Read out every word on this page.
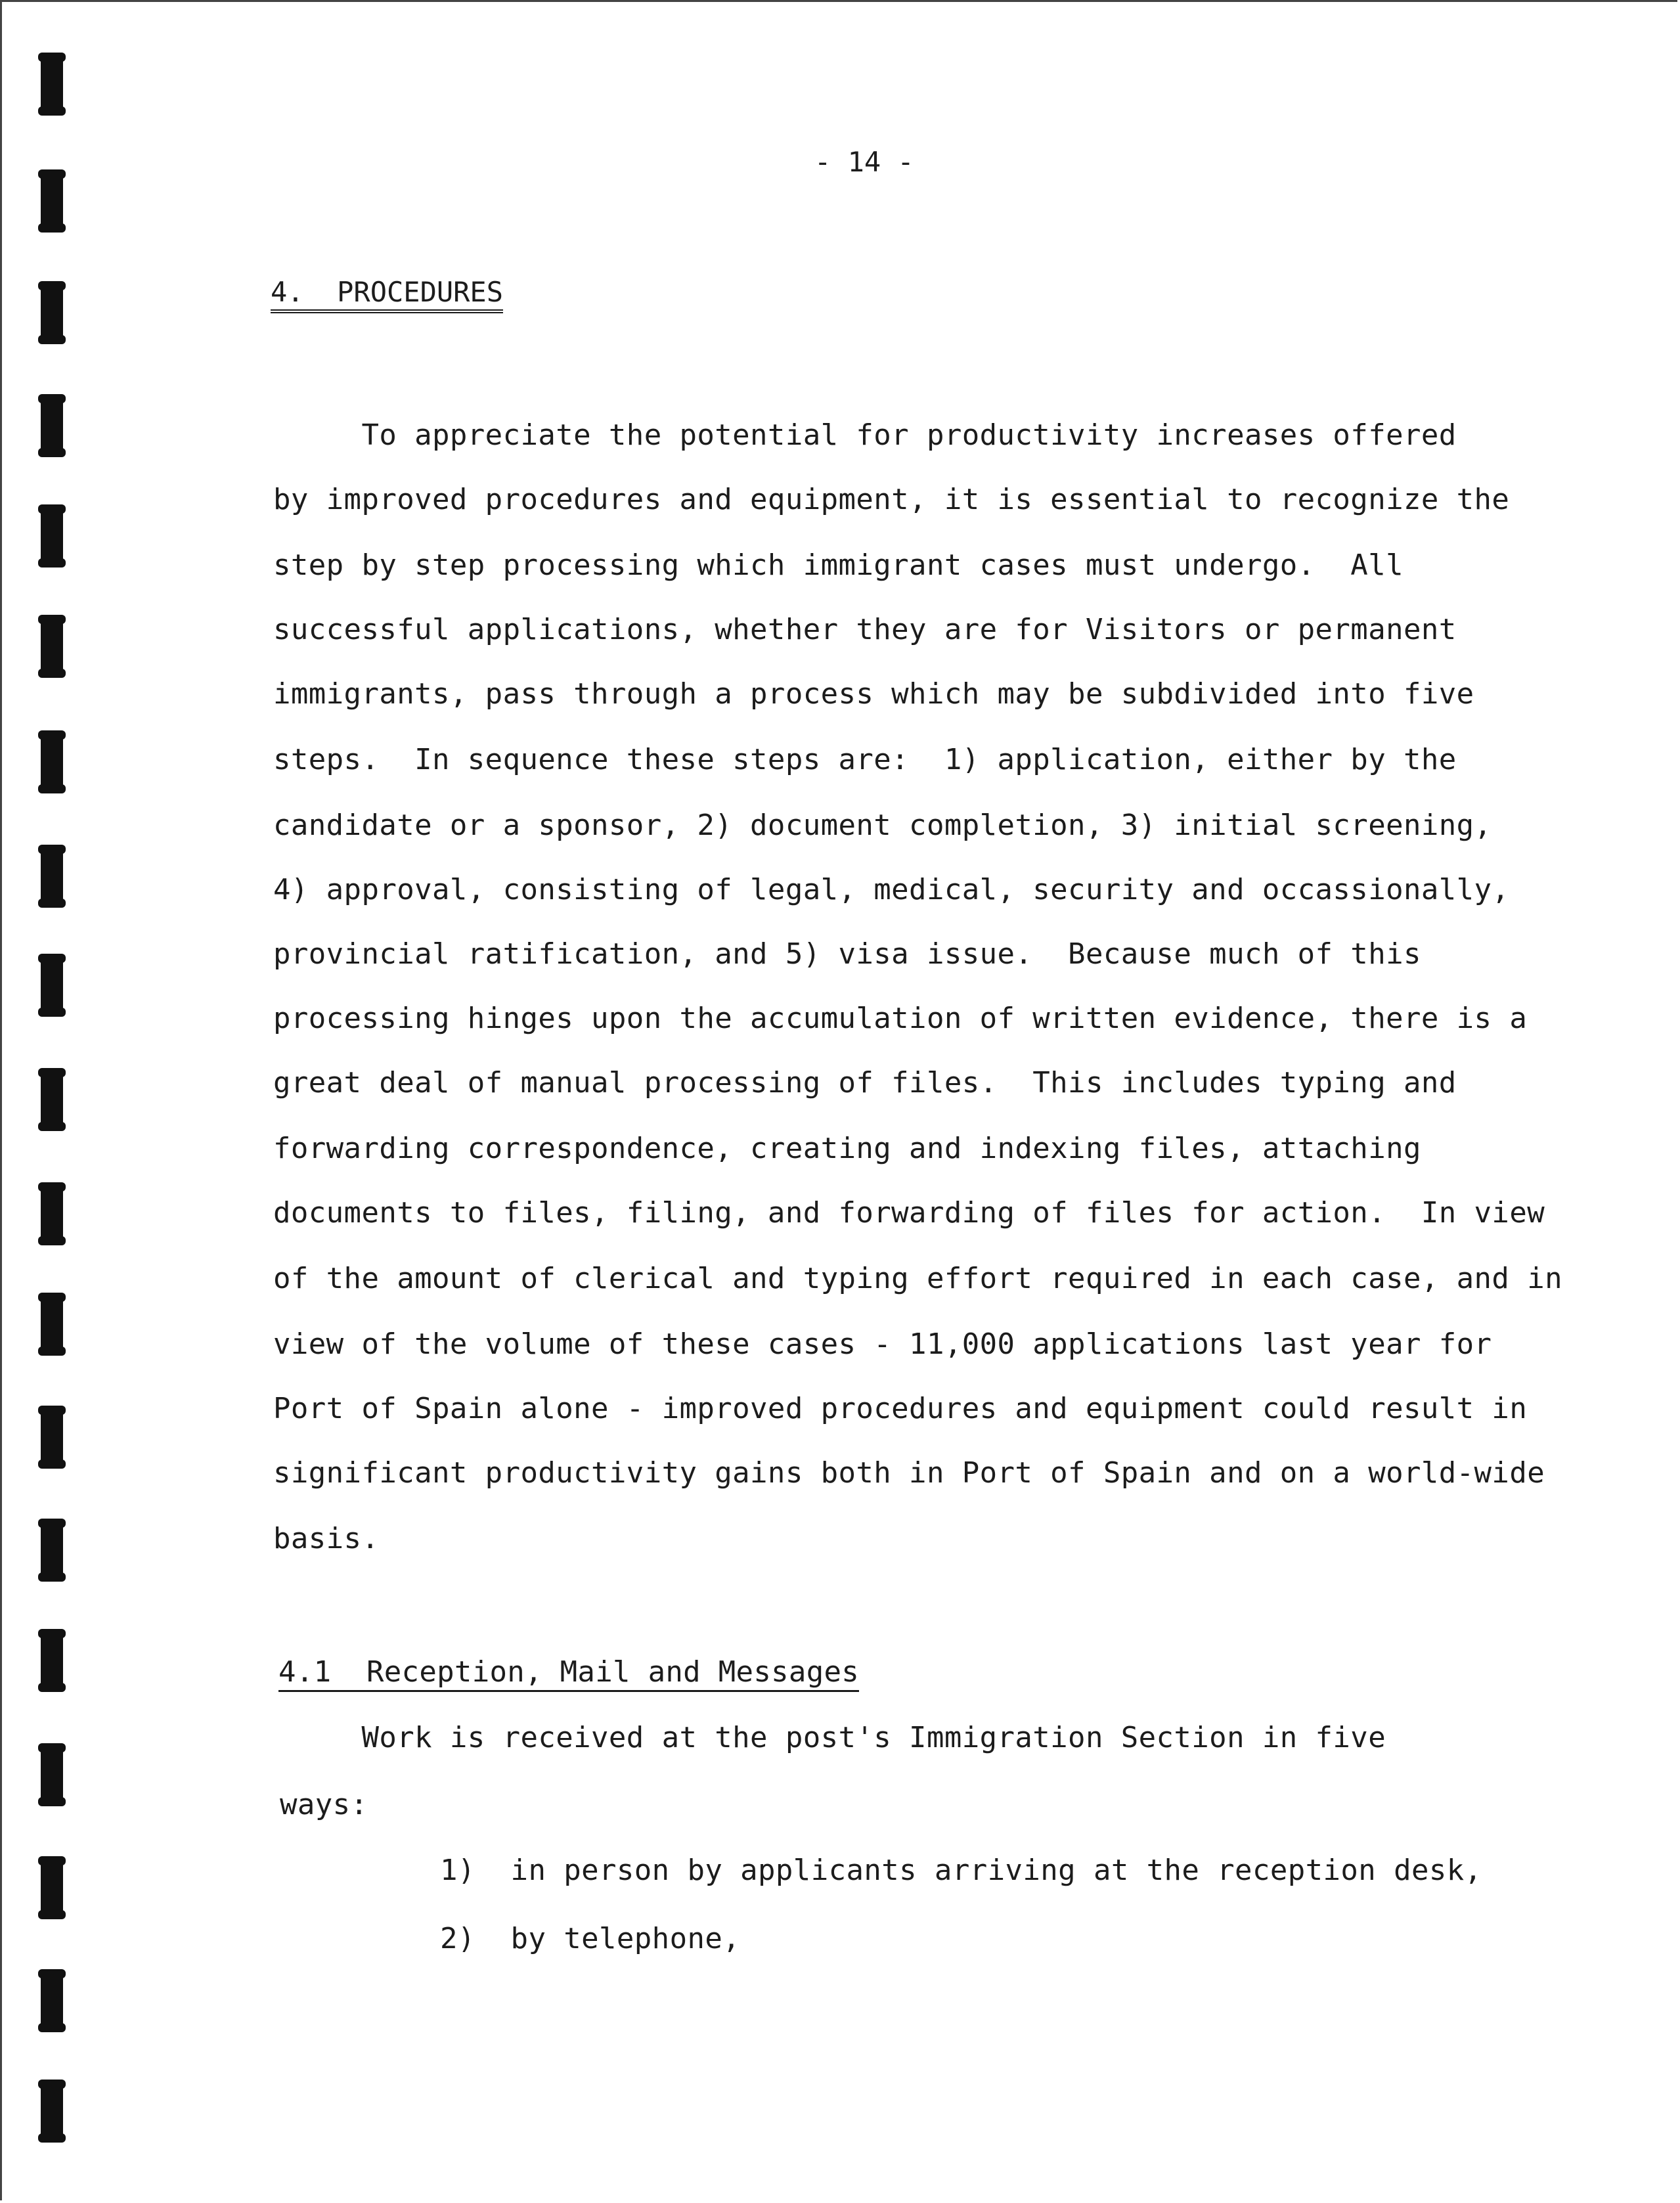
- 14 -
4.  PROCEDURES
To appreciate the potential for productivity increases offered
by improved procedures and equipment, it is essential to recognize the
step by step processing which immigrant cases must undergo.  All
successful applications, whether they are for Visitors or permanent
immigrants, pass through a process which may be subdivided into five
steps.  In sequence these steps are:  1) application, either by the
candidate or a sponsor, 2) document completion, 3) initial screening,
4) approval, consisting of legal, medical, security and occassionally,
provincial ratification, and 5) visa issue.  Because much of this
processing hinges upon the accumulation of written evidence, there is a
great deal of manual processing of files.  This includes typing and
forwarding correspondence, creating and indexing files, attaching
documents to files, filing, and forwarding of files for action.  In view
of the amount of clerical and typing effort required in each case, and in
view of the volume of these cases - 11,000 applications last year for
Port of Spain alone - improved procedures and equipment could result in
significant productivity gains both in Port of Spain and on a world-wide
basis.
4.1  Reception, Mail and Messages
Work is received at the post's Immigration Section in five
ways:
1)  in person by applicants arriving at the reception desk,
2)  by telephone,
